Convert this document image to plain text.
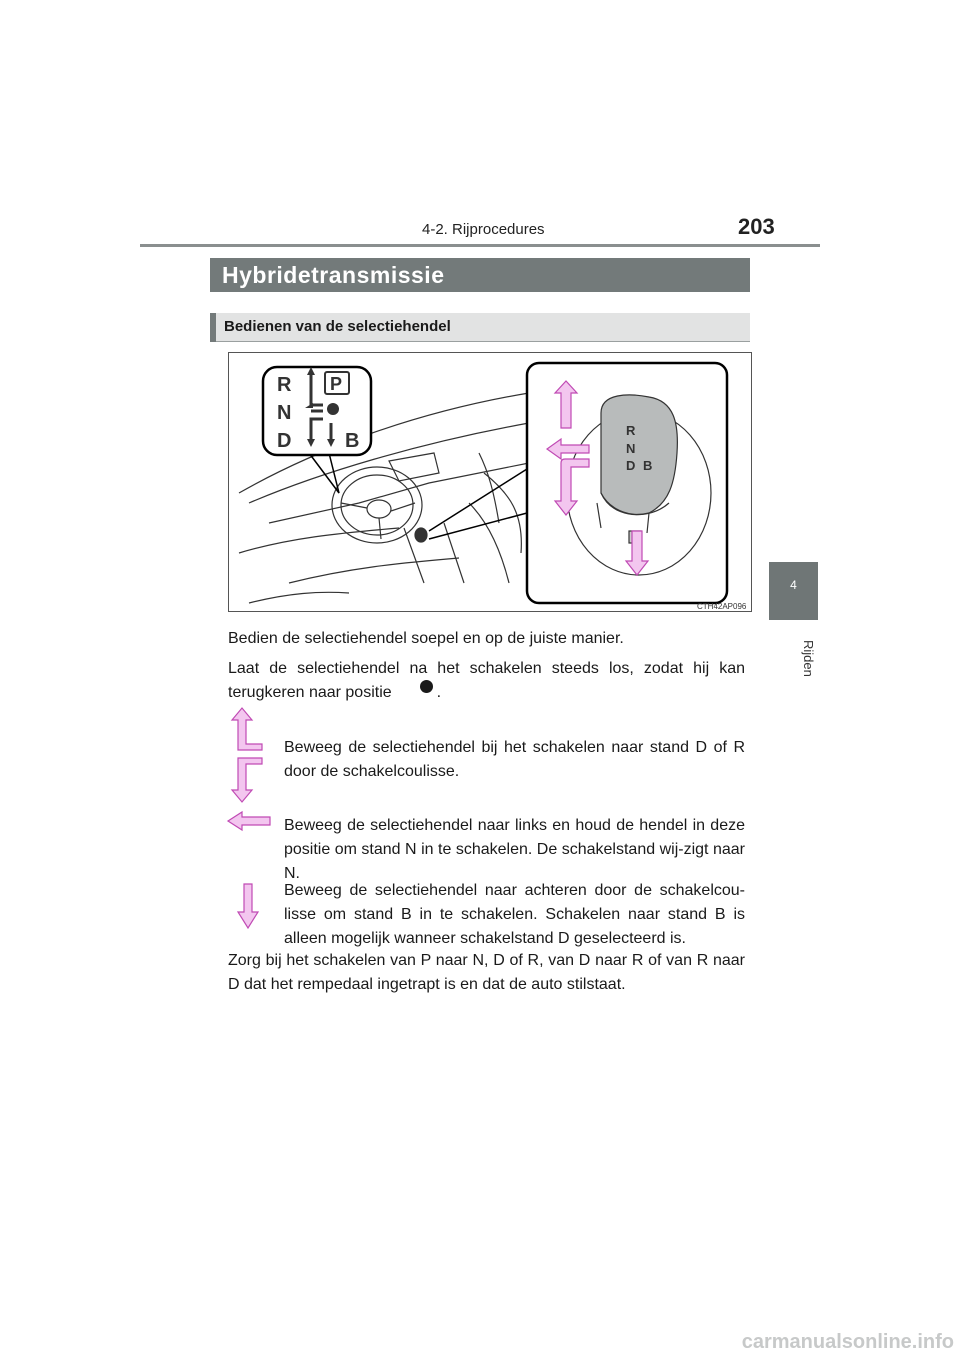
4-2. Rijprocedures	203
4
Rijden
Hybridetransmissie
Bedienen van de selectiehendel
R
N
D	B
P
R
N
D B
CTH42AP096
Bedien de selectiehendel soepel en op de juiste manier.
Laat de selectiehendel na het schakelen steeds los, zodat hij kan terugkeren naar positie	.
Beweeg de selectiehendel bij het schakelen naar stand D of R door de schakelcoulisse.
Beweeg de selectiehendel naar links en houd de hendel in deze positie om stand N in te schakelen. De schakelstand wij-zigt naar N.
Beweeg de selectiehendel naar achteren door de schakelcou-lisse om stand B in te schakelen. Schakelen naar stand B is alleen mogelijk wanneer schakelstand D geselecteerd is.
Zorg bij het schakelen van P naar N, D of R, van D naar R of van R naar D dat het rempedaal ingetrapt is en dat de auto stilstaat.
carmanualsonline.info
